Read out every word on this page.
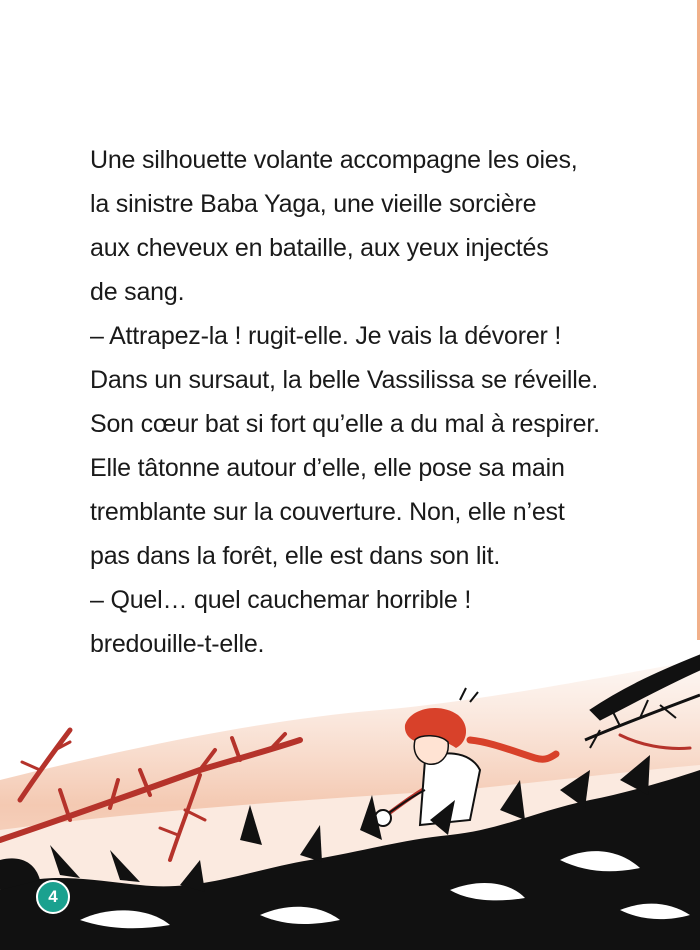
Une silhouette volante accompagne les oies,
la sinistre Baba Yaga, une vieille sorcière
aux cheveux en bataille, aux yeux injectés
de sang.
– Attrapez-la ! rugit-elle. Je vais la dévorer !
Dans un sursaut, la belle Vassilissa se réveille.
Son cœur bat si fort qu’elle a du mal à respirer.
Elle tâtonne autour d’elle, elle pose sa main
tremblante sur la couverture. Non, elle n’est
pas dans la forêt, elle est dans son lit.
– Quel… quel cauchemar horrible !
bredouille-t-elle.
4
